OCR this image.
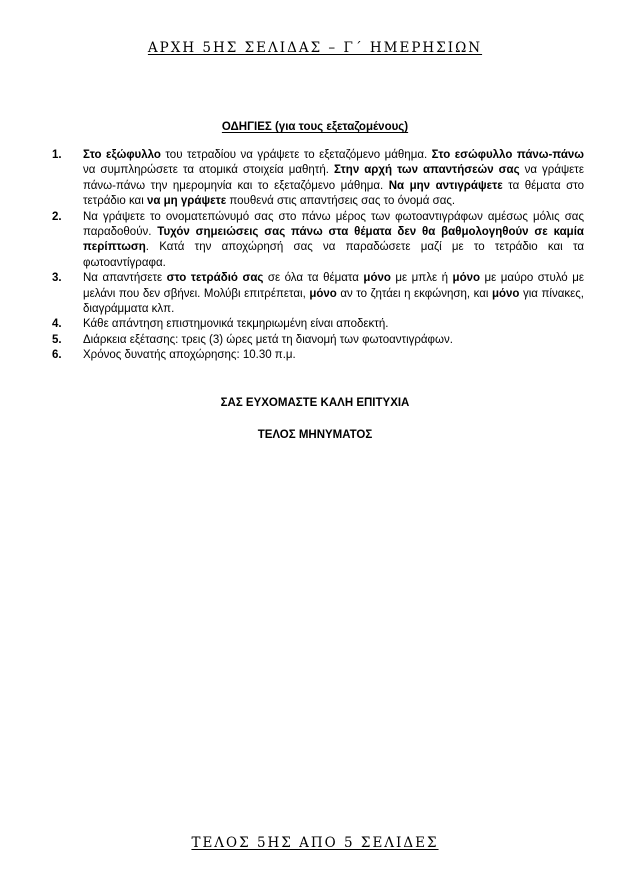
ΑΡΧΗ 5ΗΣ ΣΕΛΙΔΑΣ – Γ΄ ΗΜΕΡΗΣΙΩΝ
ΟΔΗΓΙΕΣ (για τους εξεταζομένους)
1. Στο εξώφυλλο του τετραδίου να γράψετε το εξεταζόμενο μάθημα. Στο εσώφυλλο πάνω-πάνω να συμπληρώσετε τα ατομικά στοιχεία μαθητή. Στην αρχή των απαντήσεών σας να γράψετε πάνω-πάνω την ημερομηνία και το εξεταζόμενο μάθημα. Να μην αντιγράψετε τα θέματα στο τετράδιο και να μη γράψετε πουθενά στις απαντήσεις σας το όνομά σας.
2. Να γράψετε το ονοματεπώνυμό σας στο πάνω μέρος των φωτοαντιγράφων αμέσως μόλις σας παραδοθούν. Τυχόν σημειώσεις σας πάνω στα θέματα δεν θα βαθμολογηθούν σε καμία περίπτωση. Κατά την αποχώρησή σας να παραδώσετε μαζί με το τετράδιο και τα φωτοαντίγραφα.
3. Να απαντήσετε στο τετράδιό σας σε όλα τα θέματα μόνο με μπλε ή μόνο με μαύρο στυλό με μελάνι που δεν σβήνει. Μολύβι επιτρέπεται, μόνο αν το ζητάει η εκφώνηση, και μόνο για πίνακες, διαγράμματα κλπ.
4. Κάθε απάντηση επιστημονικά τεκμηριωμένη είναι αποδεκτή.
5. Διάρκεια εξέτασης: τρεις (3) ώρες μετά τη διανομή των φωτοαντιγράφων.
6. Χρόνος δυνατής αποχώρησης: 10.30 π.μ.
ΣΑΣ ΕΥΧΟΜΑΣΤΕ ΚΑΛΗ ΕΠΙΤΥΧΙΑ
ΤΕΛΟΣ ΜΗΝΥΜΑΤΟΣ
ΤΕΛΟΣ 5ΗΣ ΑΠΟ 5 ΣΕΛΙΔΕΣ
